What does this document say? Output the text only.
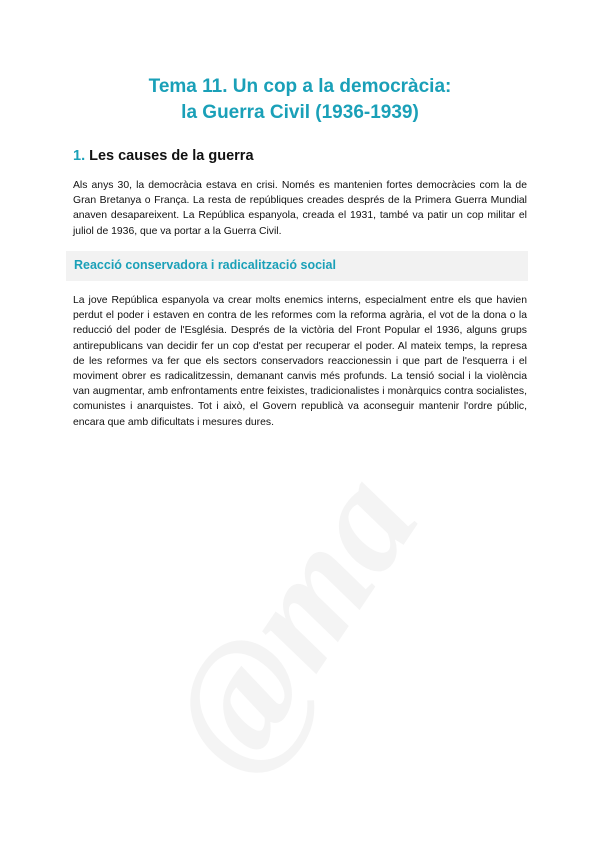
Tema 11. Un cop a la democràcia:
la Guerra Civil (1936-1939)
1. Les causes de la guerra

Als anys 30, la democràcia estava en crisi. Només es mantenien fortes democràcies com la de Gran Bretanya o França. La resta de repúbliques creades després de la Primera Guerra Mundial anaven desapareixent. La República espanyola, creada el 1931, també va patir un cop militar el juliol de 1936, que va portar a la Guerra Civil.

Reacció conservadora i radicalització social

La jove República espanyola va crear molts enemics interns, especialment entre els que havien perdut el poder i estaven en contra de les reformes com la reforma agrària, el vot de la dona o la reducció del poder de l'Església. Després de la victòria del Front Popular el 1936, alguns grups antirepublicans van decidir fer un cop d'estat per recuperar el poder. Al mateix temps, la represa de les reformes va fer que els sectors conservadors reaccionessin i que part de l'esquerra i el moviment obrer es radicalitzessin, demanant canvis més profunds. La tensió social i la violència van augmentar, amb enfrontaments entre feixistes, tradicionalistes i monàrquics contra socialistes, comunistes i anarquistes. Tot i això, el Govern republicà va aconseguir mantenir l'ordre públic, encara que amb dificultats i mesures dures.
